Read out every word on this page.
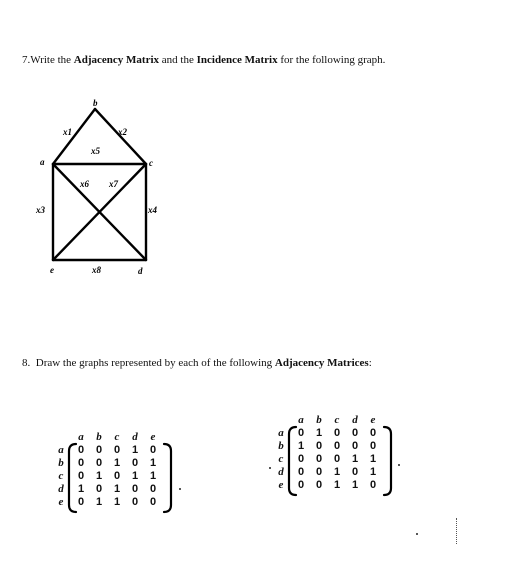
7.Write the Adjacency Matrix and the Incidence Matrix for the following graph.
b
a	c
e	d
x1	x2
x5
x6 x7
x3	x4
x8
8. Draw the graphs represented by each of the following Adjacency Matrices:
a	b	c	d	e
a	0	0	0	1	0
b	0	0	1	0	1
c	0	1	0	1	1
d	1	0	1	0	0
e	0	1	1	0	0
a	b	c	d	e
a	0	1	0	0	0
b	1	0	0	0	0
c	0	0	0	1	1
d	0	0	1	0	1
e	0	0	1	1	0
